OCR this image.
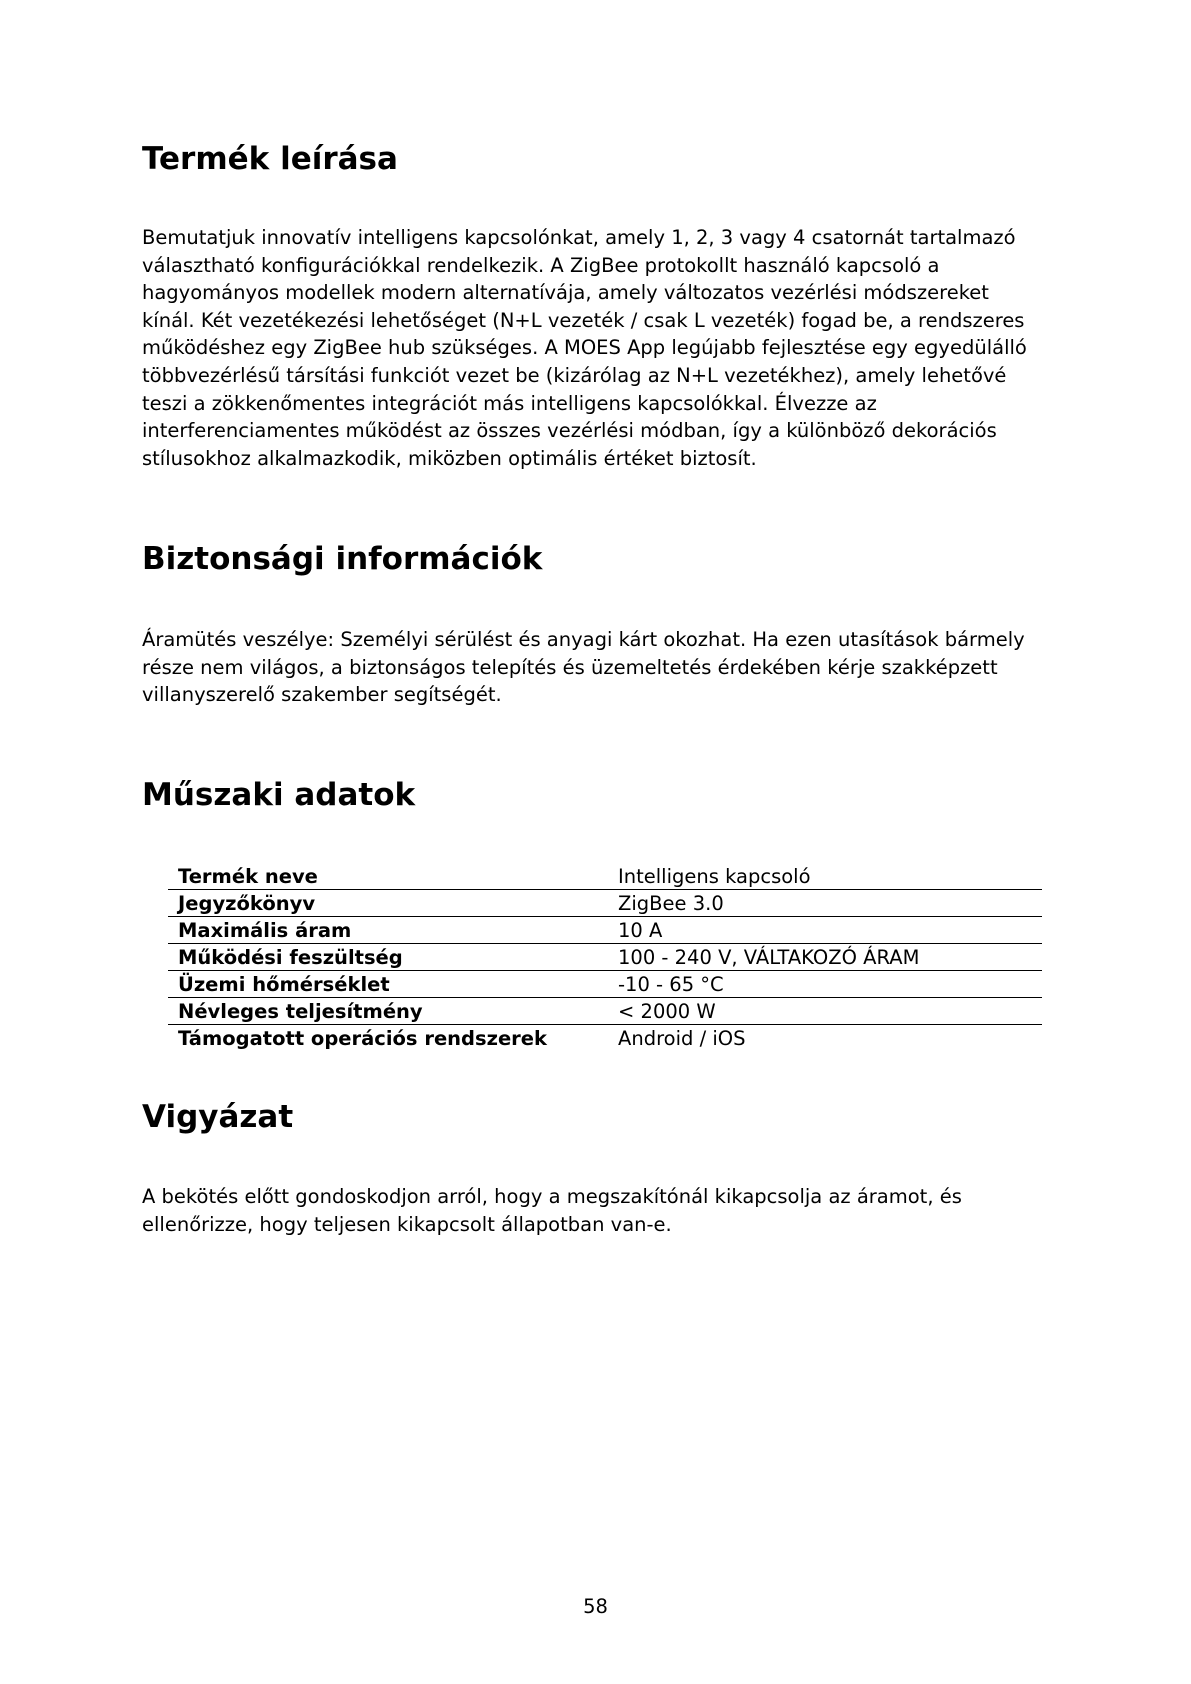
Termék leírása
Bemutatjuk innovatív intelligens kapcsolónkat, amely 1, 2, 3 vagy 4 csatornát tartalmazó
választható konfigurációkkal rendelkezik. A ZigBee protokollt használó kapcsoló a
hagyományos modellek modern alternatívája, amely változatos vezérlési módszereket
kínál. Két vezetékezési lehetőséget (N+L vezeték / csak L vezeték) fogad be, a rendszeres
működéshez egy ZigBee hub szükséges. A MOES App legújabb fejlesztése egy egyedülálló
többvezérlésű társítási funkciót vezet be (kizárólag az N+L vezetékhez), amely lehetővé
teszi a zökkenőmentes integrációt más intelligens kapcsolókkal. Élvezze az
interferenciamentes működést az összes vezérlési módban, így a különböző dekorációs
stílusokhoz alkalmazkodik, miközben optimális értéket biztosít.
Biztonsági információk
Áramütés veszélye: Személyi sérülést és anyagi kárt okozhat. Ha ezen utasítások bármely
része nem világos, a biztonságos telepítés és üzemeltetés érdekében kérje szakképzett
villanyszerelő szakember segítségét.
Műszaki adatok
Termék neve	Intelligens kapcsoló
Jegyzőkönyv	ZigBee 3.0
Maximális áram	10 A
Működési feszültség	100 - 240 V, VÁLTAKOZÓ ÁRAM
Üzemi hőmérséklet	-10 - 65 °C
Névleges teljesítmény	< 2000 W
Támogatott operációs rendszerek	Android / iOS
Vigyázat
A bekötés előtt gondoskodjon arról, hogy a megszakítónál kikapcsolja az áramot, és
ellenőrizze, hogy teljesen kikapcsolt állapotban van-e.
58
